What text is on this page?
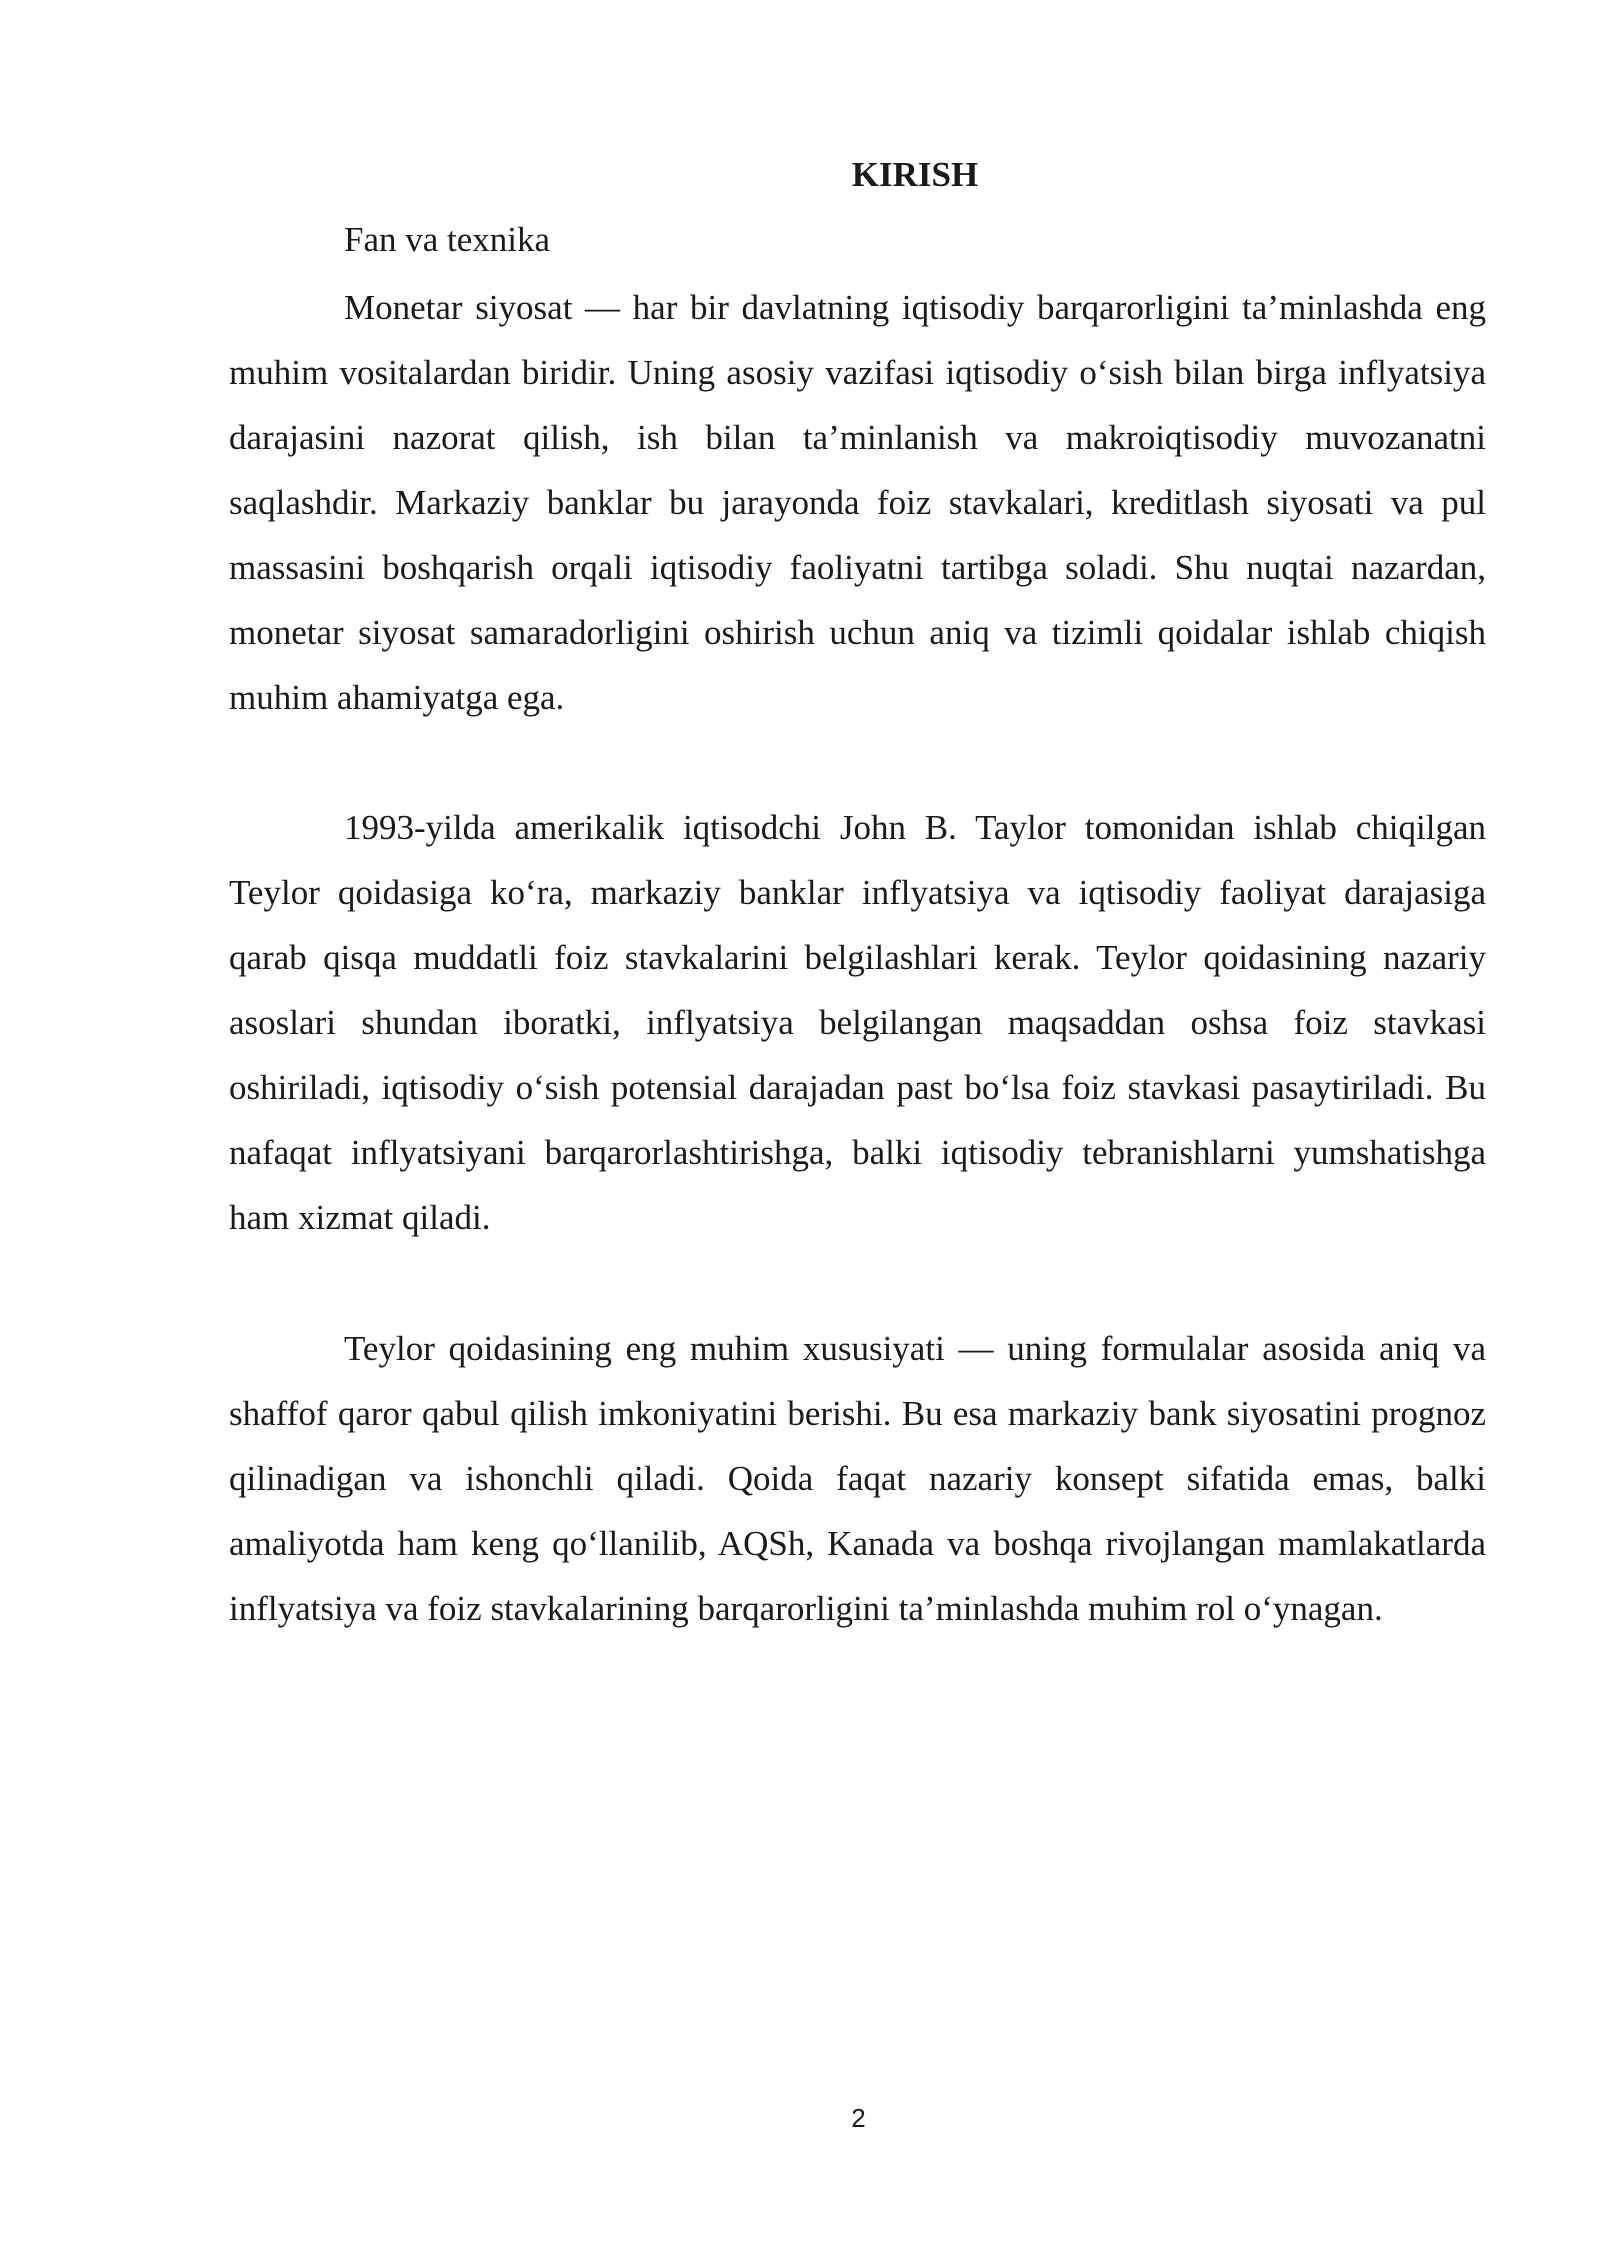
KIRISH

Fan va texnika

Monetar siyosat — har bir davlatning iqtisodiy barqarorligini ta’minlashda eng muhim vositalardan biridir. Uning asosiy vazifasi iqtisodiy o‘sish bilan birga inflyatsiya darajasini nazorat qilish, ish bilan ta’minlanish va makroiqtisodiy muvozanatni saqlashdir. Markaziy banklar bu jarayonda foiz stavkalari, kreditlash siyosati va pul massasini boshqarish orqali iqtisodiy faoliyatni tartibga soladi. Shu nuqtai nazardan, monetar siyosat samaradorligini oshirish uchun aniq va tizimli qoidalar ishlab chiqish muhim ahamiyatga ega.

1993-yilda amerikalik iqtisodchi John B. Taylor tomonidan ishlab chiqilgan Teylor qoidasiga ko‘ra, markaziy banklar inflyatsiya va iqtisodiy faoliyat darajasiga qarab qisqa muddatli foiz stavkalarini belgilashlari kerak. Teylor qoidasining nazariy asoslari shundan iboratki, inflyatsiya belgilangan maqsaddan oshsa foiz stavkasi oshiriladi, iqtisodiy o‘sish potensial darajadan past bo‘lsa foiz stavkasi pasaytiriladi. Bu nafaqat inflyatsiyani barqarorlashtirishga, balki iqtisodiy tebranishlarni yumshatishga ham xizmat qiladi.

Teylor qoidasining eng muhim xususiyati — uning formulalar asosida aniq va shaffof qaror qabul qilish imkoniyatini berishi. Bu esa markaziy bank siyosatini prognoz qilinadigan va ishonchli qiladi. Qoida faqat nazariy konsept sifatida emas, balki amaliyotda ham keng qo‘llanilib, AQSh, Kanada va boshqa rivojlangan mamlakatlarda inflyatsiya va foiz stavkalarining barqarorligini ta’minlashda muhim rol o‘ynagan.

2
